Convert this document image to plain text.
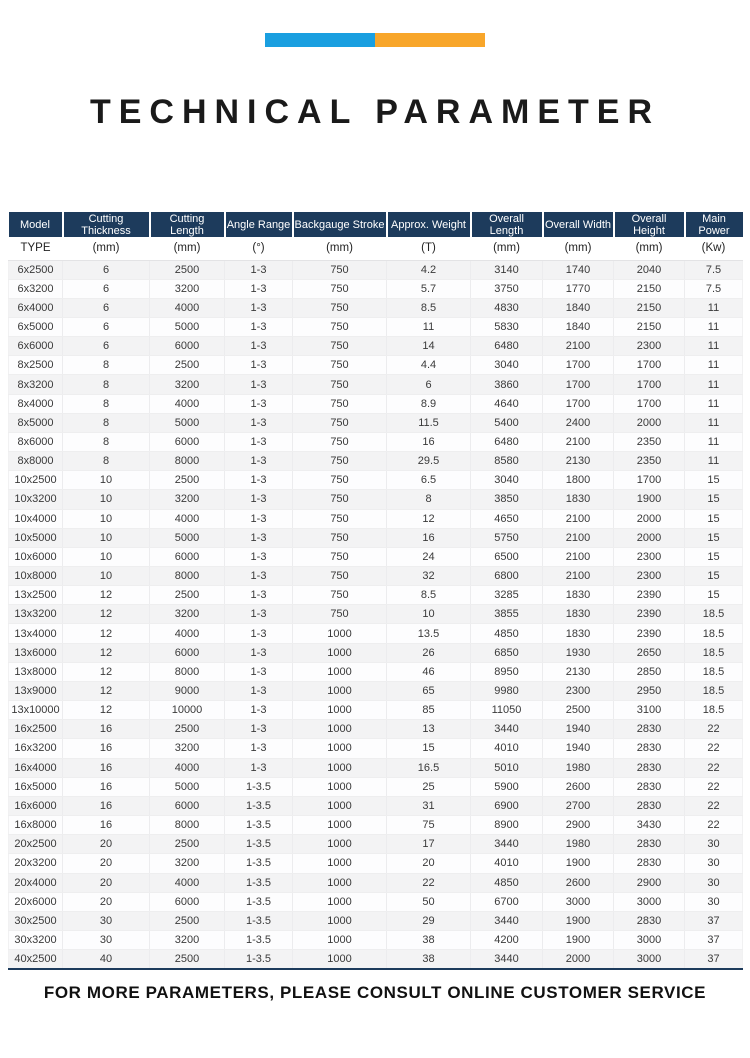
TECHNICAL PARAMETER
Model	Cutting Thickness	Cutting Length	Angle Range	Backgauge Stroke	Approx. Weight	Overall Length	Overall Width	Overall Height	Main Power
TYPE	(mm)	(mm)	(°)	(mm)	(T)	(mm)	(mm)	(mm)	(Kw)
6x2500	6	2500	1-3	750	4.2	3140	1740	2040	7.5
6x3200	6	3200	1-3	750	5.7	3750	1770	2150	7.5
6x4000	6	4000	1-3	750	8.5	4830	1840	2150	11
6x5000	6	5000	1-3	750	11	5830	1840	2150	11
6x6000	6	6000	1-3	750	14	6480	2100	2300	11
8x2500	8	2500	1-3	750	4.4	3040	1700	1700	11
8x3200	8	3200	1-3	750	6	3860	1700	1700	11
8x4000	8	4000	1-3	750	8.9	4640	1700	1700	11
8x5000	8	5000	1-3	750	11.5	5400	2400	2000	11
8x6000	8	6000	1-3	750	16	6480	2100	2350	11
8x8000	8	8000	1-3	750	29.5	8580	2130	2350	11
10x2500	10	2500	1-3	750	6.5	3040	1800	1700	15
10x3200	10	3200	1-3	750	8	3850	1830	1900	15
10x4000	10	4000	1-3	750	12	4650	2100	2000	15
10x5000	10	5000	1-3	750	16	5750	2100	2000	15
10x6000	10	6000	1-3	750	24	6500	2100	2300	15
10x8000	10	8000	1-3	750	32	6800	2100	2300	15
13x2500	12	2500	1-3	750	8.5	3285	1830	2390	15
13x3200	12	3200	1-3	750	10	3855	1830	2390	18.5
13x4000	12	4000	1-3	1000	13.5	4850	1830	2390	18.5
13x6000	12	6000	1-3	1000	26	6850	1930	2650	18.5
13x8000	12	8000	1-3	1000	46	8950	2130	2850	18.5
13x9000	12	9000	1-3	1000	65	9980	2300	2950	18.5
13x10000	12	10000	1-3	1000	85	11050	2500	3100	18.5
16x2500	16	2500	1-3	1000	13	3440	1940	2830	22
16x3200	16	3200	1-3	1000	15	4010	1940	2830	22
16x4000	16	4000	1-3	1000	16.5	5010	1980	2830	22
16x5000	16	5000	1-3.5	1000	25	5900	2600	2830	22
16x6000	16	6000	1-3.5	1000	31	6900	2700	2830	22
16x8000	16	8000	1-3.5	1000	75	8900	2900	3430	22
20x2500	20	2500	1-3.5	1000	17	3440	1980	2830	30
20x3200	20	3200	1-3.5	1000	20	4010	1900	2830	30
20x4000	20	4000	1-3.5	1000	22	4850	2600	2900	30
20x6000	20	6000	1-3.5	1000	50	6700	3000	3000	30
30x2500	30	2500	1-3.5	1000	29	3440	1900	2830	37
30x3200	30	3200	1-3.5	1000	38	4200	1900	3000	37
40x2500	40	2500	1-3.5	1000	38	3440	2000	3000	37
FOR MORE PARAMETERS, PLEASE CONSULT ONLINE CUSTOMER SERVICE
